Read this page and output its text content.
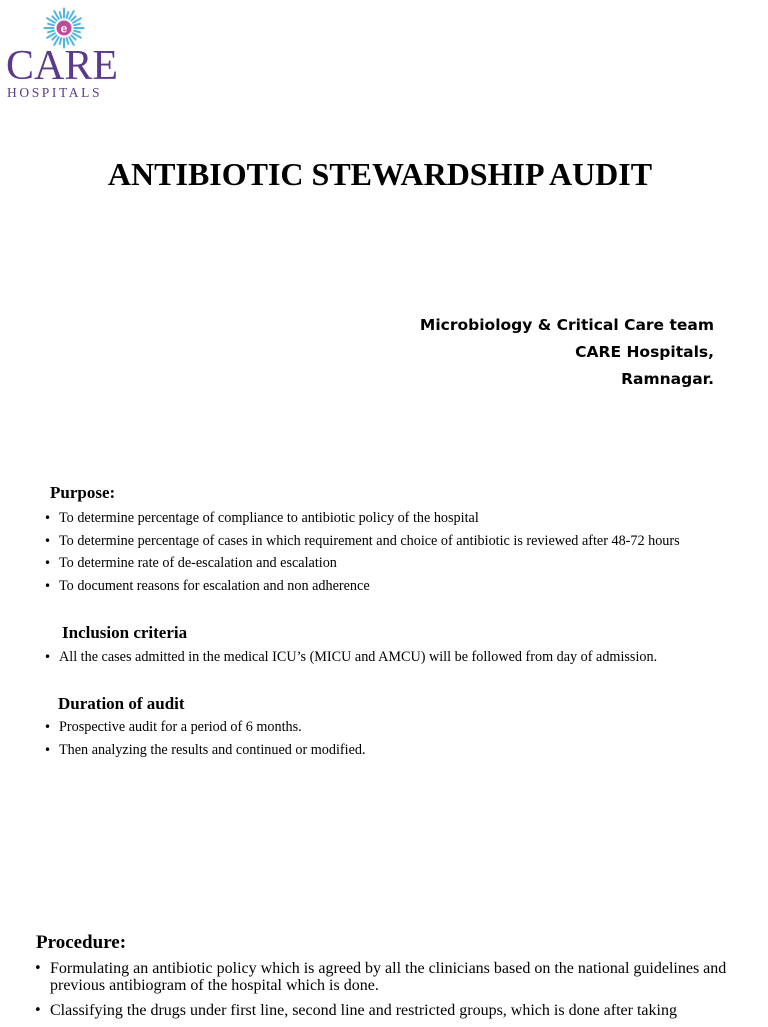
e
CARE
HOSPITALS
ANTIBIOTIC STEWARDSHIP AUDIT
Microbiology & Critical Care team
CARE Hospitals,
Ramnagar.
Purpose:
• To determine percentage of compliance to antibiotic policy of the hospital
• To determine percentage of cases in which requirement and choice of antibiotic is reviewed after 48-72 hours
• To determine rate of de-escalation and escalation
• To document reasons for escalation and non adherence
Inclusion criteria
• All the cases admitted in the medical ICU’s (MICU and AMCU) will be followed from day of admission.
Duration of audit
• Prospective audit for a period of 6 months.
• Then analyzing the results and continued or modified.
Procedure:
• Formulating an antibiotic policy which is agreed by all the clinicians based on the national guidelines and previous antibiogram of the hospital which is done.
• Classifying the drugs under first line, second line and restricted groups, which is done after taking
